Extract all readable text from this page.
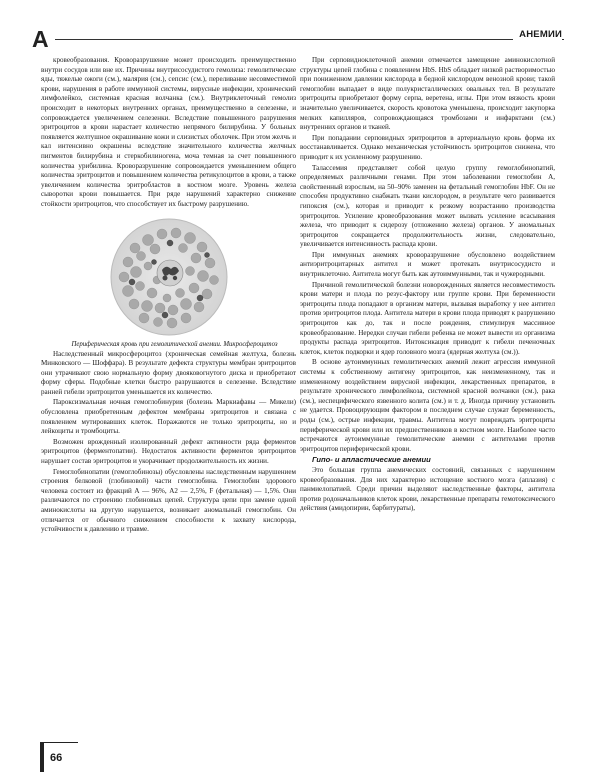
А	АНЕМИИ

кровеобразования. Кроворазрушение может происходить преимущественно внутри сосудов или вне их. Причины внутрисосудистого гемолиза: гемолитические яды, тяжелые ожоги (см.), малярия (см.), сепсис (см.), переливание несовместимой крови, нарушения в работе иммунной системы, вирусные инфекции, хронический лимфолейкоз, системная красная волчанка (см.). Внутриклеточный гемолиз происходит в некоторых внутренних органах, преимущественно в селезенке, и сопровождается увеличением селезенки. Вследствие повышенного разрушения эритроцитов в крови нарастает количество непрямого билирубина. У больных появляется желтушное окрашивание кожи и слизистых оболочек. При этом желчь и кал интенсивно окрашены вследствие значительного количества желчных пигментов билирубина и стеркобилиногена, моча темная за счет повышенного количества урибилина. Кроворазрушение сопровождается уменьшением общего количества эритроцитов и повышением количества ретикулоцитов в крови, а также увеличением количества эритробластов в костном мозге. Уровень железа сыворотки крови повышается. При ряде нарушений характерно снижение стойкости эритроцитов, что способствует их быстрому разрушению.

Периферическая кровь при гемолитической анемии. Микросфероцитоз

Наследственный микросфероцитоз (хроническая семейная желтуха, болезнь Минковского — Шоффара). В результате дефекта структуры мембран эритроцитов они утрачивают свою нормальную форму двояковогнутого диска и приобретают форму сферы. Подобные клетки быстро разрушаются в селезенке. Вследствие ранней гибели эритроцитов уменьшается их количество.

Пароксизмальная ночная гемоглобинурия (болезнь Маркиафавы — Микели) обусловлена приобретенным дефектом мембраны эритроцитов и связана с появлением мутировавших клеток. Поражаются не только эритроциты, но и лейкоциты и тромбоциты.

Возможен врожденный изолированный дефект активности ряда ферментов эритроцитов (ферментопатии). Недостаток активности ферментов эритроцитов нарушает состав эритроцитов и укорачивает продолжительность их жизни.

Гемоглобинопатии (гемоглобинозы) обусловлены наследственным нарушением строения белковой (глобиновой) части гемоглобина. Гемоглобин здорового человека состоит из фракций А — 96%, А2 — 2,5%, F (фетальная) — 1,5%. Они различаются по строению глобиновых цепей. Структура цепи при замене одной аминокислоты на другую нарушается, возникает аномальный гемоглобин. Он отличается от обычного снижением способности к захвату кислорода, устойчивости к давлению и травме.

При серповидноклеточной анемии отмечается замещение аминокислотной структуры цепей глобина с появлением HbS. HbS обладает низкой растворимостью при пониженном давлении кислорода в бедной кислородом венозной крови; такой гемоглобин выпадает в виде полукристаллических овальных тел. В результате эритроциты приобретают форму серпа, веретена, иглы. При этом вязкость крови значительно увеличивается, скорость кровотока уменьшена, происходит закупорка мелких капилляров, сопровождающаяся тромбозами и инфарктами (см.) внутренних органов и тканей.

При попадании серповидных эритроцитов в артериальную кровь форма их восстанавливается. Однако механическая устойчивость эритроцитов снижена, что приводит к их усиленному разрушению.

Талассемия представляет собой целую группу гемоглобинопатий, определяемых различными генами. При этом заболевании гемоглобин А, свойственный взрослым, на 50–90% заменен на фетальный гемоглобин HbF. Он не способен продуктивно снабжать ткани кислородом, в результате чего развивается гипоксия (см.), которая и приводит к резкому возрастанию производства эритроцитов. Усиление кровеобразования может вызвать усиление всасывания железа, что приводит к сидерозу (отложению железа) органов. У аномальных эритроцитов сокращается продолжительность жизни, следовательно, увеличивается интенсивность распада крови.

При иммунных анемиях кроворазрушение обусловлено воздействием антиэритроцитарных антител и может протекать внутрисосудисто и внутриклеточно. Антитела могут быть как аутоиммунными, так и чужеродными.

Причиной гемолитической болезни новорожденных является несовместимость крови матери и плода по резус-фактору или группе крови. При беременности эритроциты плода попадают в организм матери, вызывая выработку у нее антител против эритроцитов плода. Антитела матери в крови плода приводят к разрушению эритроцитов как до, так и после рождения, стимулируя массивное кровеобразование. Нередки случаи гибели ребенка не может вывести из организма продукты распада эритроцитов. Интоксикация приводит к гибели печеночных клеток, клеток подкорки и ядер головного мозга (ядерная желтуха (см.)).

В основе аутоиммунных гемолитических анемий лежит агрессия иммунной системы к собственному антигену эритроцитов, как неизмененному, так и измененному воздействием вирусной инфекции, лекарственных препаратов, в результате хронического лимфолейкоза, системной красной волчанки (см.), рака (см.), неспецифического язвенного колита (см.) и т. д. Иногда причину установить не удается. Провоцирующим фактором в последнем случае служат беременность, роды (см.), острые инфекции, травмы. Антитела могут повреждать эритроциты периферической крови или их предшественников в костном мозге. Наиболее часто встречаются аутоиммунные гемолитические анемии с антителами против эритроцитов периферической крови.

Гипо- и апластические анемии

Это большая группа анемических состояний, связанных с нарушением кровеобразования. Для них характерно истощение костного мозга (аплазия) с панмиелопатией. Среди причин выделяют наследственные факторы, антитела против родоначальников клеток крови, лекарственные препараты гемотоксического действия (амидопирин, барбитураты),

66
